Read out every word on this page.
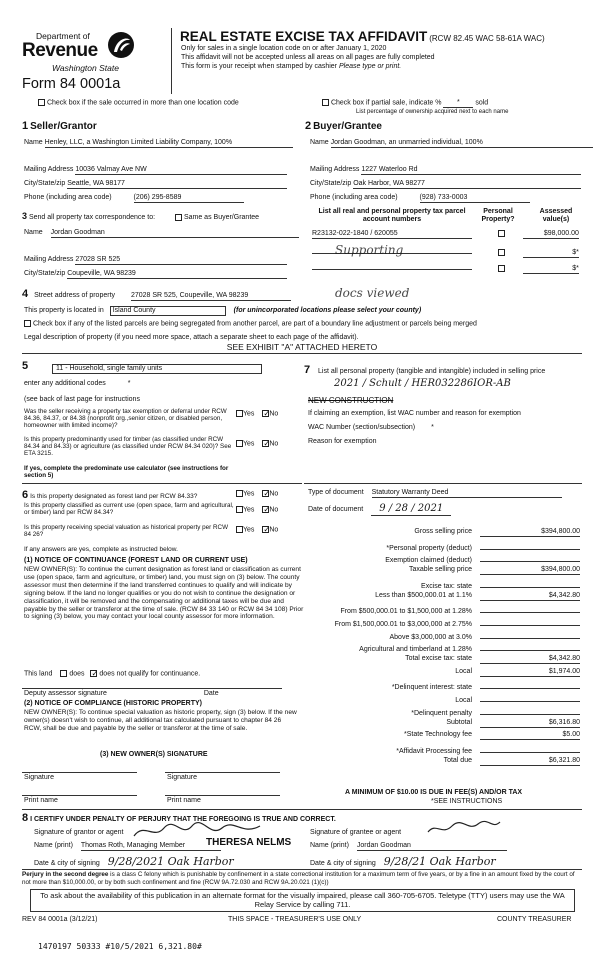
Department of
Revenue
Washington State
Form 84 0001a
REAL ESTATE EXCISE TAX AFFIDAVIT (RCW 82.45 WAC 58-61A WAC)
Only for sales in a single location code on or after January 1, 2020
This affidavit will not be accepted unless all areas on all pages are fully completed
This form is your receipt when stamped by cashier Please type or print.
Check box if the sale occurred in more than one location code	Check box if partial sale, indicate % * sold
List percentage of ownership acquired next to each name
1 Seller/Grantor
Name Henley, LLC, a Washington Limited Liability Company, 100%
Mailing Address 10036 Valmay Ave NW
City/State/zip Seattle, WA 98177
Phone (including area code)	(206) 295-8589
2 Buyer/Grantee
Name Jordan Goodman, an unmarried individual, 100%
Mailing Address 1227 Waterloo Rd
City/State/zip Oak Harbor, WA 98277
Phone (including area code)	(928) 733-0003
3 Send all property tax correspondence to:	Same as Buyer/Grantee
Name Jordan Goodman
Mailing Address 27028 SR 525
City/State/zip Coupeville, WA 98239
List all real and personal property tax parcel account numbers
Personal Property?
Assessed value(s)
R23132-022-1840 / 620055	$98,000.00
$*
$*
Supporting
docs viewed
4 Street address of property 27028 SR 525, Coupeville, WA 98239
This property is located in Island County	(for unincorporated locations please select your county)
Check box if any of the listed parcels are being segregated from another parcel, are part of a boundary line adjustment or parcels being merged
Legal description of property (if you need more space, attach a separate sheet to each page of the affidavit).
SEE EXHIBIT "A" ATTACHED HERETO
5	11 - Household, single family units
enter any additional codes	*
(see back of last page for instructions
Was the seller receiving a property tax exemption or deferral under RCW 84.36, 84.37, or 84.38 (nonprofit org.,senior citizen, or disabled person, homeowner with limited income)?
Yes ✓ No
Is this property predominantly used for timber (as classified under RCW 84.34 and 84.33) or agriculture (as classified under RCW 84.34 020)? See ETA 3215.
If yes, complete the predominate use calculator (see instructions for section 5)
Yes ✓ No
6 Is this property designated as forest land per RCW 84.33?	Yes ✓ No
Is this property classified as current use (open space, farm and agricultural, or timber) land per RCW 84.34?	Yes ✓ No
Is this property receiving special valuation as historical property per RCW 84 26?
Yes ✓ No
If any answers are yes, complete as instructed below.
(1) NOTICE OF CONTINUANCE (FOREST LAND OR CURRENT USE)
NEW OWNER(S): To continue the current designation as forest land or classification as current use (open space, farm and agriculture, or timber) land, you must sign on (3) below. The county assessor must then determine if the land transferred continues to qualify and will indicate by signing below. If the land no longer qualifies or you do not wish to continue the designation or classification, it will be removed and the compensating or additional taxes will be due and payable by the seller or transferor at the time of sale. (RCW 84 33 140 or RCW 84 34 108) Prior to signing (3) below, you may contact your local county assessor for more information.
This land does ✓ does not qualify for continuance.
Deputy assessor signature	Date
(2) NOTICE OF COMPLIANCE (HISTORIC PROPERTY)
NEW OWNER(S): To continue special valuation as historic property, sign (3) below. If the new owner(s) doesn't wish to continue, all additional tax calculated pursuant to chapter 84 26 RCW, shall be due and payable by the seller or transferor at the time of sale.
(3) NEW OWNER(S) SIGNATURE
Signature	Signature
Print name	Print name
7 List all personal property (tangible and intangible) included in selling price
2021 / Schult / HER032286IOR-AB
NEW CONSTRUCTION
If claiming an exemption, list WAC number and reason for exemption
WAC Number (section/subsection) *
Reason for exemption
Type of document Statutory Warranty Deed
Date of document 9 / 28 / 2021
Gross selling price	$394,800.00
*Personal property (deduct)
Exemption claimed (deduct)
Taxable selling price	$394,800.00
Excise tax: state
Less than $500,000.01 at 1.1%	$4,342.80
From $500,000.01 to $1,500,000 at 1.28%
From $1,500,000.01 to $3,000,000 at 2.75%
Above $3,000,000 at 3.0%
Agricultural and timberland at 1.28%
Total excise tax: state	$4,342.80
Local	$1,974.00
*Delinquent interest: state
Local
*Delinquent penalty
Subtotal	$6,316.80
*State Technology fee	$5.00
*Affidavit Processing fee
Total due	$6,321.80
A MINIMUM OF $10.00 IS DUE IN FEE(S) AND/OR TAX
*SEE INSTRUCTIONS
8 I CERTIFY UNDER PENALTY OF PERJURY THAT THE FOREGOING IS TRUE AND CORRECT.
Signature of grantor or agent
Name (print) Thomas Roth, Managing Member	THERESA NELMS
Date & city of signing 9/28/2021 Oak Harbor
Signature of grantee or agent
Name (print) Jordan Goodman
Date & city of signing 9/28/21 Oak Harbor
Perjury in the second degree is a class C felony which is punishable by confinement in a state correctional institution for a maximum term of five years, or by a fine in an amount fixed by the court of not more than $10,000.00, or by both such confinement and fine (RCW 9A.72.030 and RCW 9A.20.021 (1)(c))
To ask about the availability of this publication in an alternate format for the visually impaired, please call 360-705-6705. Teletype (TTY) users may use the WA Relay Service by calling 711.
REV 84 0001a (3/12/21)	THIS SPACE - TREASURER'S USE ONLY	COUNTY TREASURER
1470197 50333 #10/5/2021 6,321.80#
